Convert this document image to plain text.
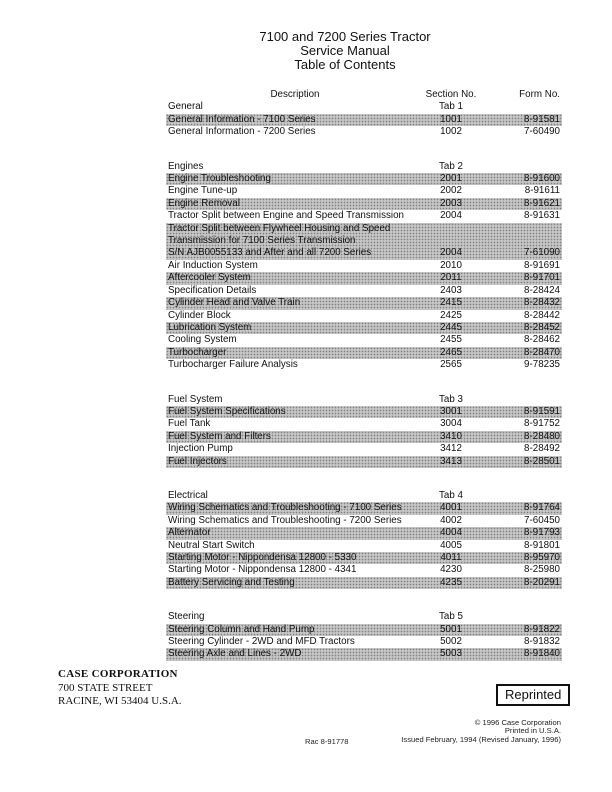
7100 and 7200 Series Tractor
Service Manual
Table of Contents
Description	Section No.	Form No.
General	Tab 1
General Information - 7100 Series	1001	8-91581
General Information - 7200 Series	1002	7-60490
Engines	Tab 2
Engine Troubleshooting	2001	8-91600
Engine Tune-up	2002	8-91611
Engine Removal	2003	8-91621
Tractor Split between Engine and Speed Transmission	2004	8-91631
Tractor Split between Flywheel Housing and Speed
Transmission for 7100 Series Transmission
S/N AJB0055133 and After and all 7200 Series	2004	7-61090
Air Induction System	2010	8-91691
Aftercooler System	2011	8-91701
Specification Details	2403	8-28424
Cylinder Head and Valve Train	2415	8-28432
Cylinder Block	2425	8-28442
Lubrication System	2445	8-28452
Cooling System	2455	8-28462
Turbocharger	2465	8-28470
Turbocharger Failure Analysis	2565	9-78235
Fuel System	Tab 3
Fuel System Specifications	3001	8-91591
Fuel Tank	3004	8-91752
Fuel System and Filters	3410	8-28480
Injection Pump	3412	8-28492
Fuel Injectors	3413	8-28501
Electrical	Tab 4
Wiring Schematics and Troubleshooting - 7100 Series	4001	8-91764
Wiring Schematics and Troubleshooting - 7200 Series	4002	7-60450
Alternator	4004	8-91793
Neutral Start Switch	4005	8-91801
Starting Motor - Nippondensa 12800 - 5330	4011	8-95970
Starting Motor - Nippondensa 12800 - 4341	4230	8-25980
Battery Servicing and Testing	4235	8-20291
Steering	Tab 5
Steering Column and Hand Pump	5001	8-91822
Steering Cylinder - 2WD and MFD Tractors	5002	8-91832
Steering Axle and Lines - 2WD	5003	8-91840
CASE CORPORATION
700 STATE STREET
RACINE, WI 53404 U.S.A.	Reprinted
Rac 8-91778
© 1996 Case Corporation
Printed in U.S.A.
Issued February, 1994 (Revised January, 1996)
